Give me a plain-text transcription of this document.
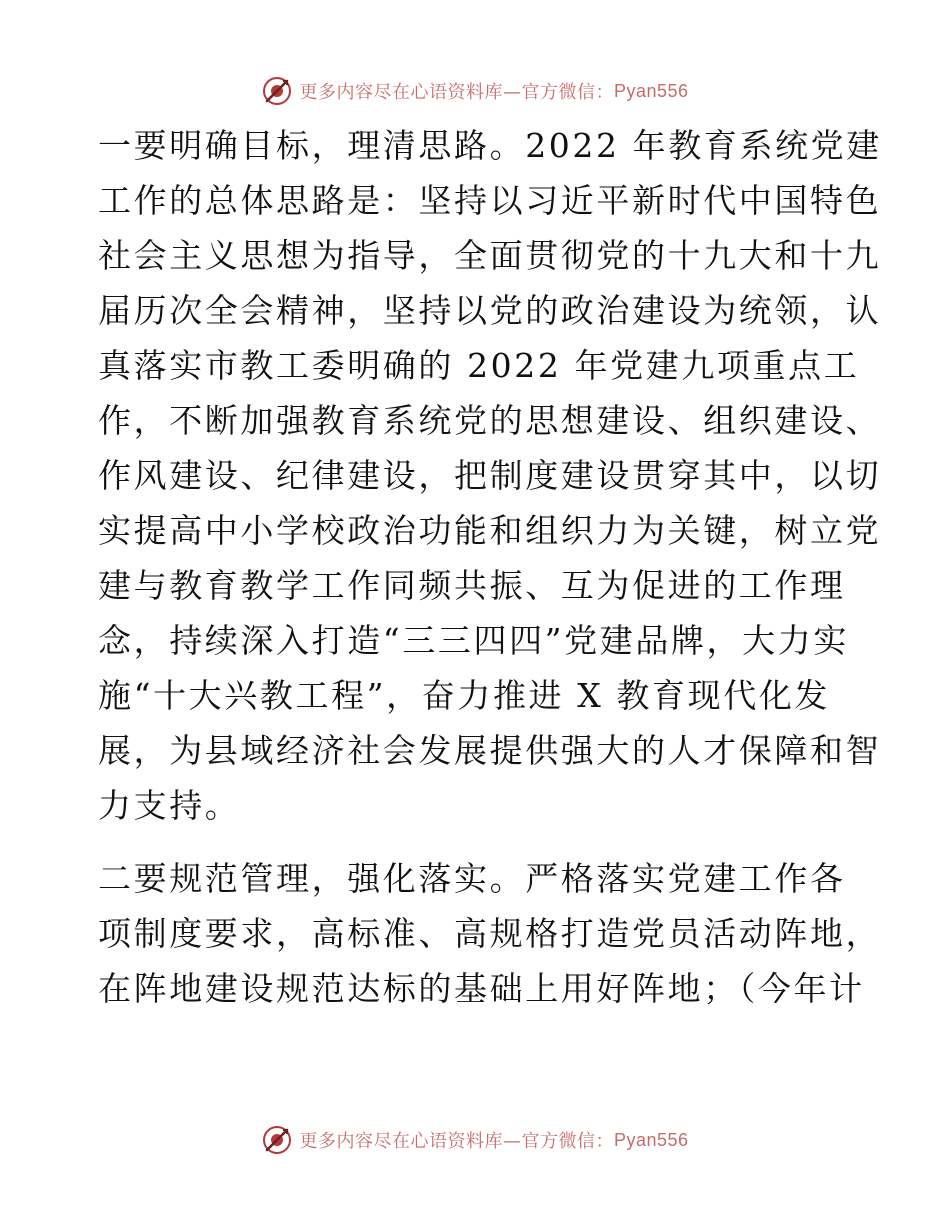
更多内容尽在心语资料库—官方微信： Pyan556

一要明确目标，理清思路。2022 年教育系统党建
工作的总体思路是：坚持以习近平新时代中国特色
社会主义思想为指导，全面贯彻党的十九大和十九
届历次全会精神，坚持以党的政治建设为统领，认
真落实市教工委明确的 2022 年党建九项重点工
作，不断加强教育系统党的思想建设、组织建设、
作风建设、纪律建设，把制度建设贯穿其中，以切
实提高中小学校政治功能和组织力为关键，树立党
建与教育教学工作同频共振、互为促进的工作理
念，持续深入打造“三三四四”党建品牌，大力实
施“十大兴教工程”，奋力推进 X 教育现代化发
展，为县域经济社会发展提供强大的人才保障和智
力支持。

二要规范管理，强化落实。严格落实党建工作各
项制度要求，高标准、高规格打造党员活动阵地，
在阵地建设规范达标的基础上用好阵地；（今年计

更多内容尽在心语资料库—官方微信： Pyan556
